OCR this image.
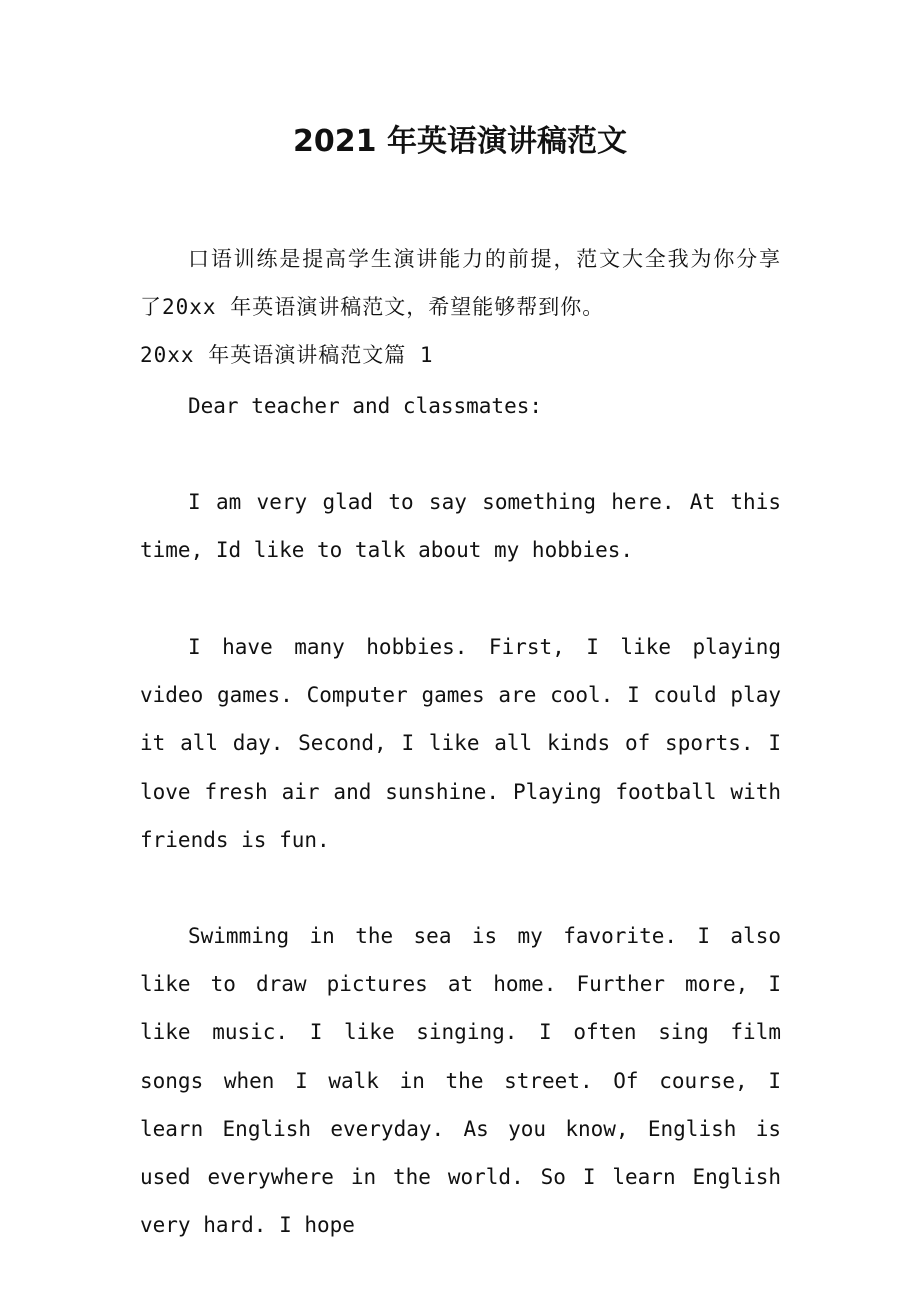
2021 年英语演讲稿范文

口语训练是提高学生演讲能力的前提，范文大全我为你分享了20xx 年英语演讲稿范文，希望能够帮到你。

20xx 年英语演讲稿范文篇 1

Dear teacher and classmates:

I am very glad to say something here. At this time, Id like to talk about my hobbies.

I have many hobbies. First, I like playing video games. Computer games are cool. I could play it all day. Second, I like all kinds of sports. I love fresh air and sunshine. Playing football with friends is fun.

Swimming in the sea is my favorite. I also like to draw pictures at home. Further more, I like music. I like singing. I often sing film songs when I walk in the street. Of course, I learn English everyday. As you know, English is used everywhere in the world. So I learn English very hard. I hope
